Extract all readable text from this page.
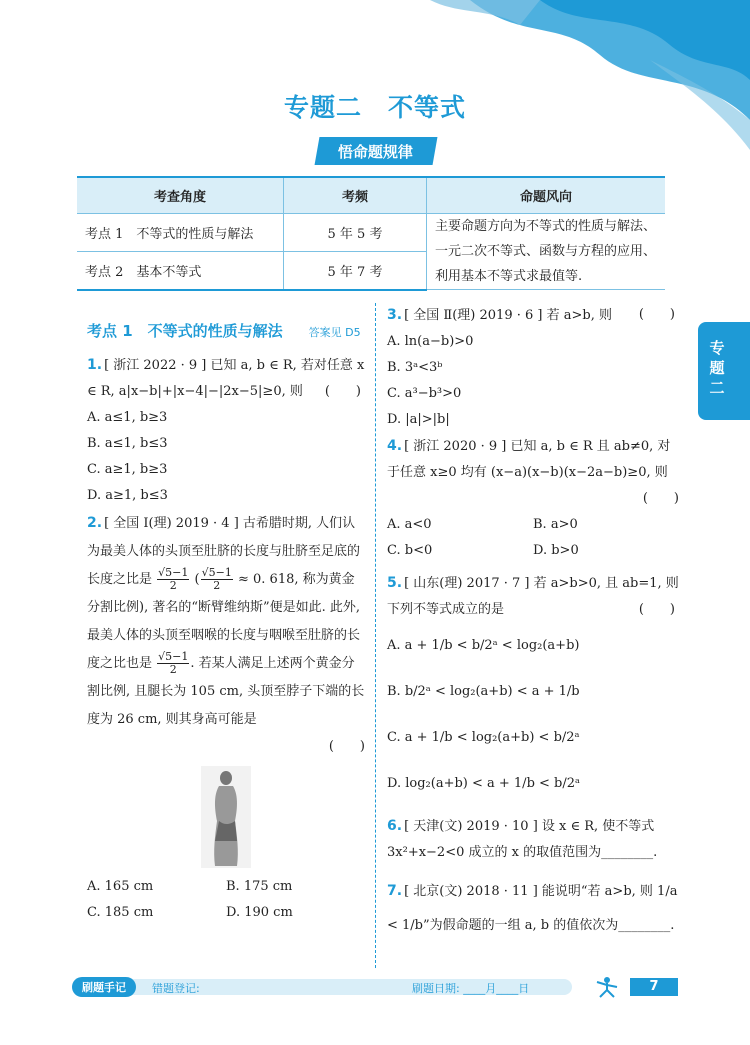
专题二　不等式
悟命题规律
考查角度	考频	命题风向
考点 1　不等式的性质与解法	5 年 5 考	主要命题方向为不等式的性质与解法、一元二次不等式、函数与方程的应用、利用基本不等式求最值等.
考点 2　基本不等式	5 年 7 考	
专题二

考点 1　不等式的性质与解法 答案见 D5

1. [ 浙江 2022 · 9 ] 已知 a, b ∈ R, 若对任意 x ∈ R, a|x−b|+|x−4|−|2x−5|≥0, 则 (　　)

A. a≤1, b≥3

B. a≤1, b≤3

C. a≥1, b≥3

D. a≥1, b≤3

2. [ 全国 Ⅰ(理) 2019 · 4 ] 古希腊时期, 人们认为最美人体的头顶至肚脐的长度与肚脐至足底的长度之比是 $\frac{√5-1}{2}$ ( $\frac{√5-1}{2} \approx 0$. 618, 称为黄金分割比例), 著名的“断臂维纳斯”便是如此. 此外, 最美人体的头顶至咽喉的长度与咽喉至肚脐的长度之比也是 $\frac{√5-1}{2}$ . 若某人满足上述两个黄金分割比例, 且腿长为 105 cm, 头顶至脖子下端的长度为 26 cm, 则其身高可能是

(　　)

A. 165 cm	B. 175 cm
C. 185 cm	D. 190 cm

3. [ 全国 Ⅱ(理) 2019 · 6 ] 若 a>b, 则 (　　)

A. ln(a−b)>0

B. 3ᵃ<3ᵇ

C. a³−b³>0

D. |a|>|b|

4. [ 浙江 2020 · 9 ] 已知 a, b ∈ R 且 ab≠0, 对于任意 x≥0 均有 (x−a)(x−b)(x−2a−b)≥0, 则

(　　)

A. a<0	B. a>0
C. b<0	D. b>0

5. [ 山东(理) 2017 · 7 ] 若 a>b>0, 且 ab=1, 则下列不等式成立的是	(　　)

A. a + 1/b < b/2ᵃ < log₂(a+b)

B. b/2ᵃ < log₂(a+b) < a + 1/b

C. a + 1/b < log₂(a+b) < b/2ᵃ

D. log₂(a+b) < a + 1/b < b/2ᵃ

6. [ 天津(文) 2019 · 10 ] 设 x ∈ R, 使不等式 3x²+x−2<0 成立的 x 的取值范围为________.

7. [ 北京(文) 2018 · 11 ] 能说明“若 a>b, 则 1/a < 1/b”为假命题的一组 a, b 的值依次为________.

刷题手记	错题登记:	刷题日期: ____月____日	7
